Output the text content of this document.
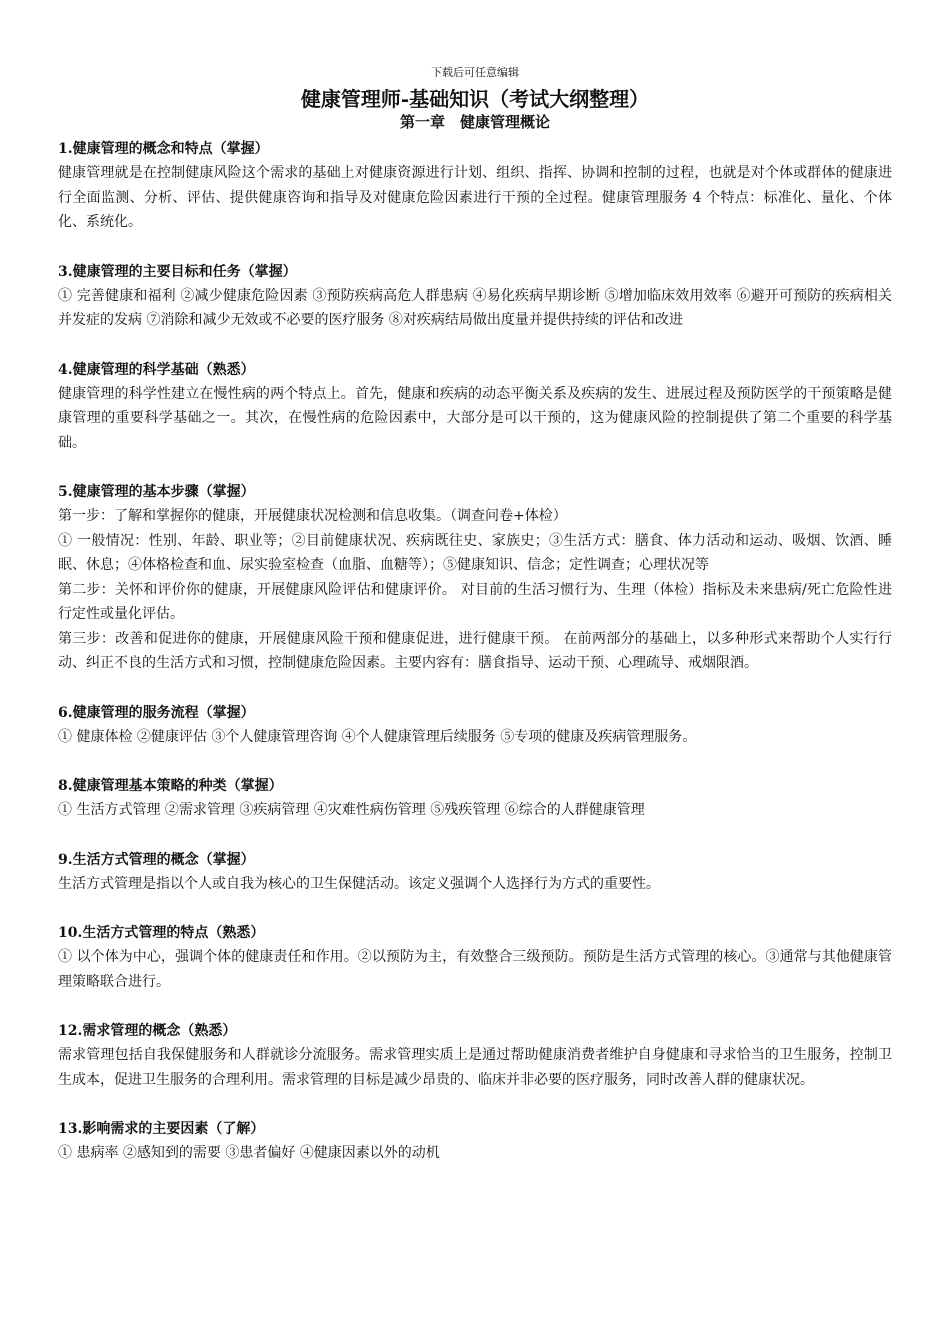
下载后可任意编辑
健康管理师-基础知识（考试大纲整理）
第一章　健康管理概论
1.健康管理的概念和特点（掌握）

健康管理就是在控制健康风险这个需求的基础上对健康资源进行计划、组织、指挥、协调和控制的过程，也就是对个体或群体的健康进行全面监测、分析、评估、提供健康咨询和指导及对健康危险因素进行干预的全过程。健康管理服务 4 个特点：标准化、量化、个体化、系统化。

3.健康管理的主要目标和任务（掌握）

① 完善健康和福利 ②减少健康危险因素 ③预防疾病高危人群患病 ④易化疾病早期诊断 ⑤增加临床效用效率 ⑥避开可预防的疾病相关并发症的发病 ⑦消除和减少无效或不必要的医疗服务 ⑧对疾病结局做出度量并提供持续的评估和改进

4.健康管理的科学基础（熟悉）

健康管理的科学性建立在慢性病的两个特点上。首先，健康和疾病的动态平衡关系及疾病的发生、进展过程及预防医学的干预策略是健康管理的重要科学基础之一。其次，在慢性病的危险因素中，大部分是可以干预的，这为健康风险的控制提供了第二个重要的科学基础。

5.健康管理的基本步骤（掌握）

第一步：了解和掌握你的健康，开展健康状况检测和信息收集。（调查问卷+体检）

① 一般情况：性别、年龄、职业等；②目前健康状况、疾病既往史、家族史；③生活方式：膳食、体力活动和运动、吸烟、饮酒、睡眠、休息；④体格检查和血、尿实验室检查（血脂、血糖等）；⑤健康知识、信念；定性调查；心理状况等

第二步：关怀和评价你的健康，开展健康风险评估和健康评价。 对目前的生活习惯行为、生理（体检）指标及未来患病/死亡危险性进行定性或量化评估。

第三步：改善和促进你的健康，开展健康风险干预和健康促进，进行健康干预。 在前两部分的基础上，以多种形式来帮助个人实行行动、纠正不良的生活方式和习惯，控制健康危险因素。主要内容有：膳食指导、运动干预、心理疏导、戒烟限酒。

6.健康管理的服务流程（掌握）

① 健康体检 ②健康评估 ③个人健康管理咨询 ④个人健康管理后续服务 ⑤专项的健康及疾病管理服务。

8.健康管理基本策略的种类（掌握）

① 生活方式管理 ②需求管理 ③疾病管理 ④灾难性病伤管理 ⑤残疾管理 ⑥综合的人群健康管理

9.生活方式管理的概念（掌握）

生活方式管理是指以个人或自我为核心的卫生保健活动。该定义强调个人选择行为方式的重要性。

10.生活方式管理的特点（熟悉）

① 以个体为中心，强调个体的健康责任和作用。②以预防为主，有效整合三级预防。预防是生活方式管理的核心。③通常与其他健康管理策略联合进行。

12.需求管理的概念（熟悉）

需求管理包括自我保健服务和人群就诊分流服务。需求管理实质上是通过帮助健康消费者维护自身健康和寻求恰当的卫生服务，控制卫生成本，促进卫生服务的合理利用。需求管理的目标是减少昂贵的、临床并非必要的医疗服务，同时改善人群的健康状况。

13.影响需求的主要因素（了解）

① 患病率 ②感知到的需要 ③患者偏好 ④健康因素以外的动机
